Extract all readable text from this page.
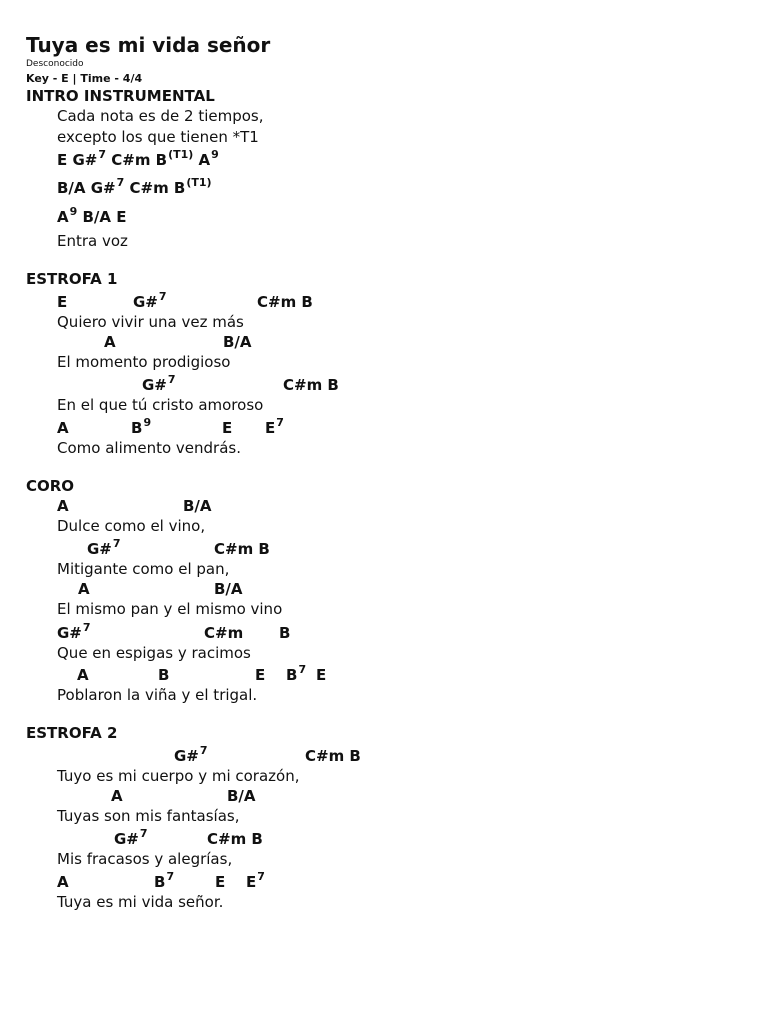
Tuya es mi vida señor
Desconocido
Key - E | Time - 4/4
INTRO INSTRUMENTAL
Cada nota es de 2 tiempos,
excepto los que tienen *T1
E G#$^7$ C#m $B^{(T1)}$ $A^9$
B/A G#$^7$ C#m $B^{(T1)}$
$A^9$ B/A E
Entra voz
ESTROFA 1
E	G#$^7$	C#m B
Quiero vivir una vez más
A	B/A
El momento prodigioso
G#$^7$	C#m B
En el que tú cristo amoroso
A	$B^9$	E $E^7$
Como alimento vendrás.
CORO
A	B/A
Dulce como el vino,
G#$^7$	C#m B
Mitigante como el pan,
A	B/A
El mismo pan y el mismo vino
G#$^7$	C#m B
Que en espigas y racimos
A	B	E $B^7$ E
Poblaron la viña y el trigal.
ESTROFA 2
G#$^7$	C#m B
Tuyo es mi cuerpo y mi corazón,
A	B/A
Tuyas son mis fantasías,
G#$^7$	C#m B
Mis fracasos y alegrías,
A	$B^7$	E $E^7$
Tuya es mi vida señor.
